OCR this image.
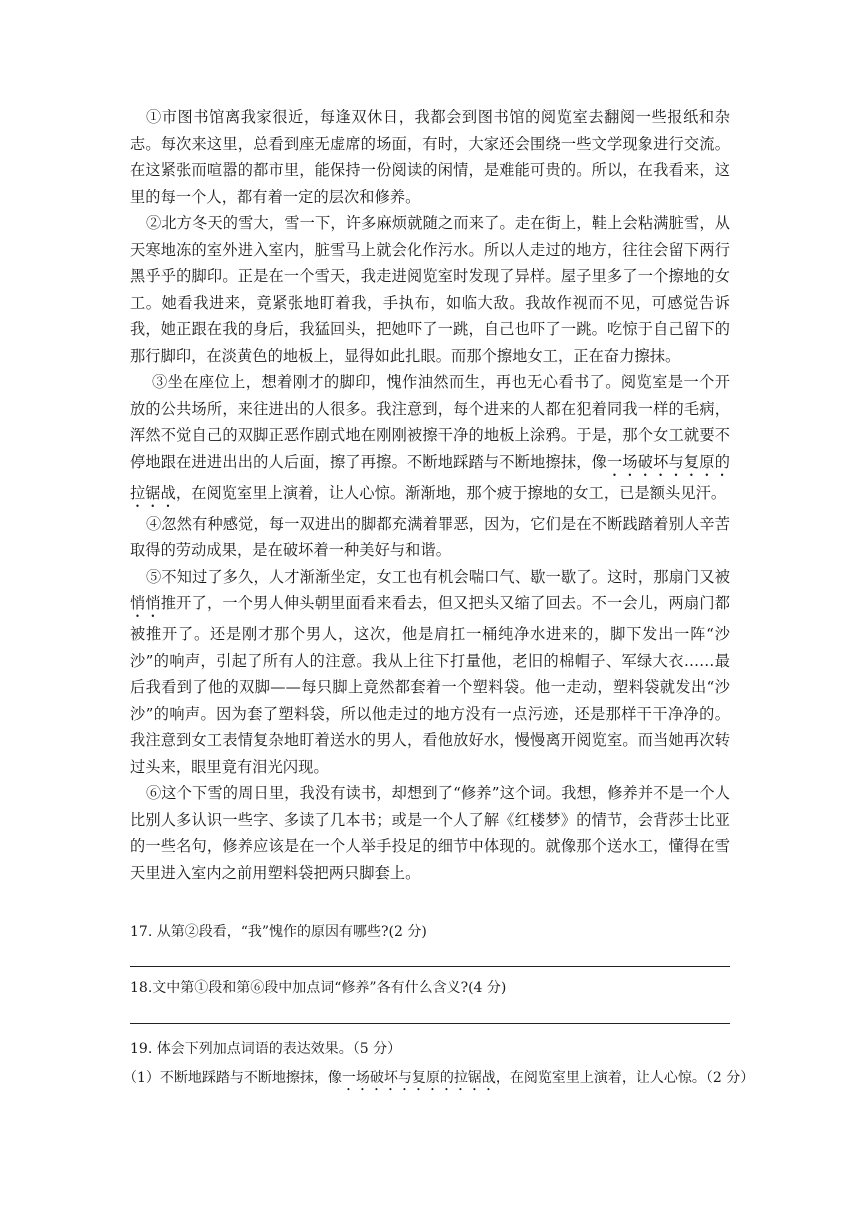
①市图书馆离我家很近，每逢双休日，我都会到图书馆的阅览室去翻阅一些报纸和杂志。每次来这里，总看到座无虚席的场面，有时，大家还会围绕一些文学现象进行交流。在这紧张而喧嚣的都市里，能保持一份阅读的闲情，是难能可贵的。所以，在我看来，这里的每一个人，都有着一定的层次和修养。

②北方冬天的雪大，雪一下，许多麻烦就随之而来了。走在街上，鞋上会粘满脏雪，从天寒地冻的室外进入室内，脏雪马上就会化作污水。所以人走过的地方，往往会留下两行黑乎乎的脚印。正是在一个雪天，我走进阅览室时发现了异样。屋子里多了一个擦地的女工。她看我进来，竟紧张地盯着我，手执布，如临大敌。我故作视而不见，可感觉告诉我，她正跟在我的身后，我猛回头，把她吓了一跳，自己也吓了一跳。吃惊于自己留下的那行脚印，在淡黄色的地板上，显得如此扎眼。而那个擦地女工，正在奋力擦抹。

③坐在座位上，想着刚才的脚印，愧作油然而生，再也无心看书了。阅览室是一个开放的公共场所，来往进出的人很多。我注意到，每个进来的人都在犯着同我一样的毛病，浑然不觉自己的双脚正恶作剧式地在刚刚被擦干净的地板上涂鸦。于是，那个女工就要不停地跟在进进出出的人后面，擦了再擦。不断地踩踏与不断地擦抹，像一场破坏与复原的拉锯战，在阅览室里上演着，让人心惊。渐渐地，那个疲于擦地的女工，已是额头见汗。

④忽然有种感觉，每一双进出的脚都充满着罪恶，因为，它们是在不断践踏着别人辛苦取得的劳动成果，是在破坏着一种美好与和谐。

⑤不知过了多久，人才渐渐坐定，女工也有机会喘口气、歇一歇了。这时，那扇门又被悄悄推开了，一个男人伸头朝里面看来看去，但又把头又缩了回去。不一会儿，两扇门都被推开了。还是刚才那个男人，这次，他是肩扛一桶纯净水进来的，脚下发出一阵“沙沙”的响声，引起了所有人的注意。我从上往下打量他，老旧的棉帽子、军绿大衣……最后我看到了他的双脚——每只脚上竟然都套着一个塑料袋。他一走动，塑料袋就发出“沙沙”的响声。因为套了塑料袋，所以他走过的地方没有一点污迹，还是那样干干净净的。我注意到女工表情复杂地盯着送水的男人，看他放好水，慢慢离开阅览室。而当她再次转过头来，眼里竟有泪光闪现。

⑥这个下雪的周日里，我没有读书，却想到了“修养”这个词。我想，修养并不是一个人比别人多认识一些字、多读了几本书；或是一个人了解《红楼梦》的情节，会背莎士比亚的一些名句，修养应该是在一个人举手投足的细节中体现的。就像那个送水工，懂得在雪天里进入室内之前用塑料袋把两只脚套上。

17. 从第②段看，“我”愧作的原因有哪些?(2 分)

18.文中第①段和第⑥段中加点词“修养”各有什么含义?(4 分)

19. 体会下列加点词语的表达效果。（5 分）

（1）不断地踩踏与不断地擦抹，像一场破坏与复原的拉锯战，在阅览室里上演着，让人心惊。（2 分）
